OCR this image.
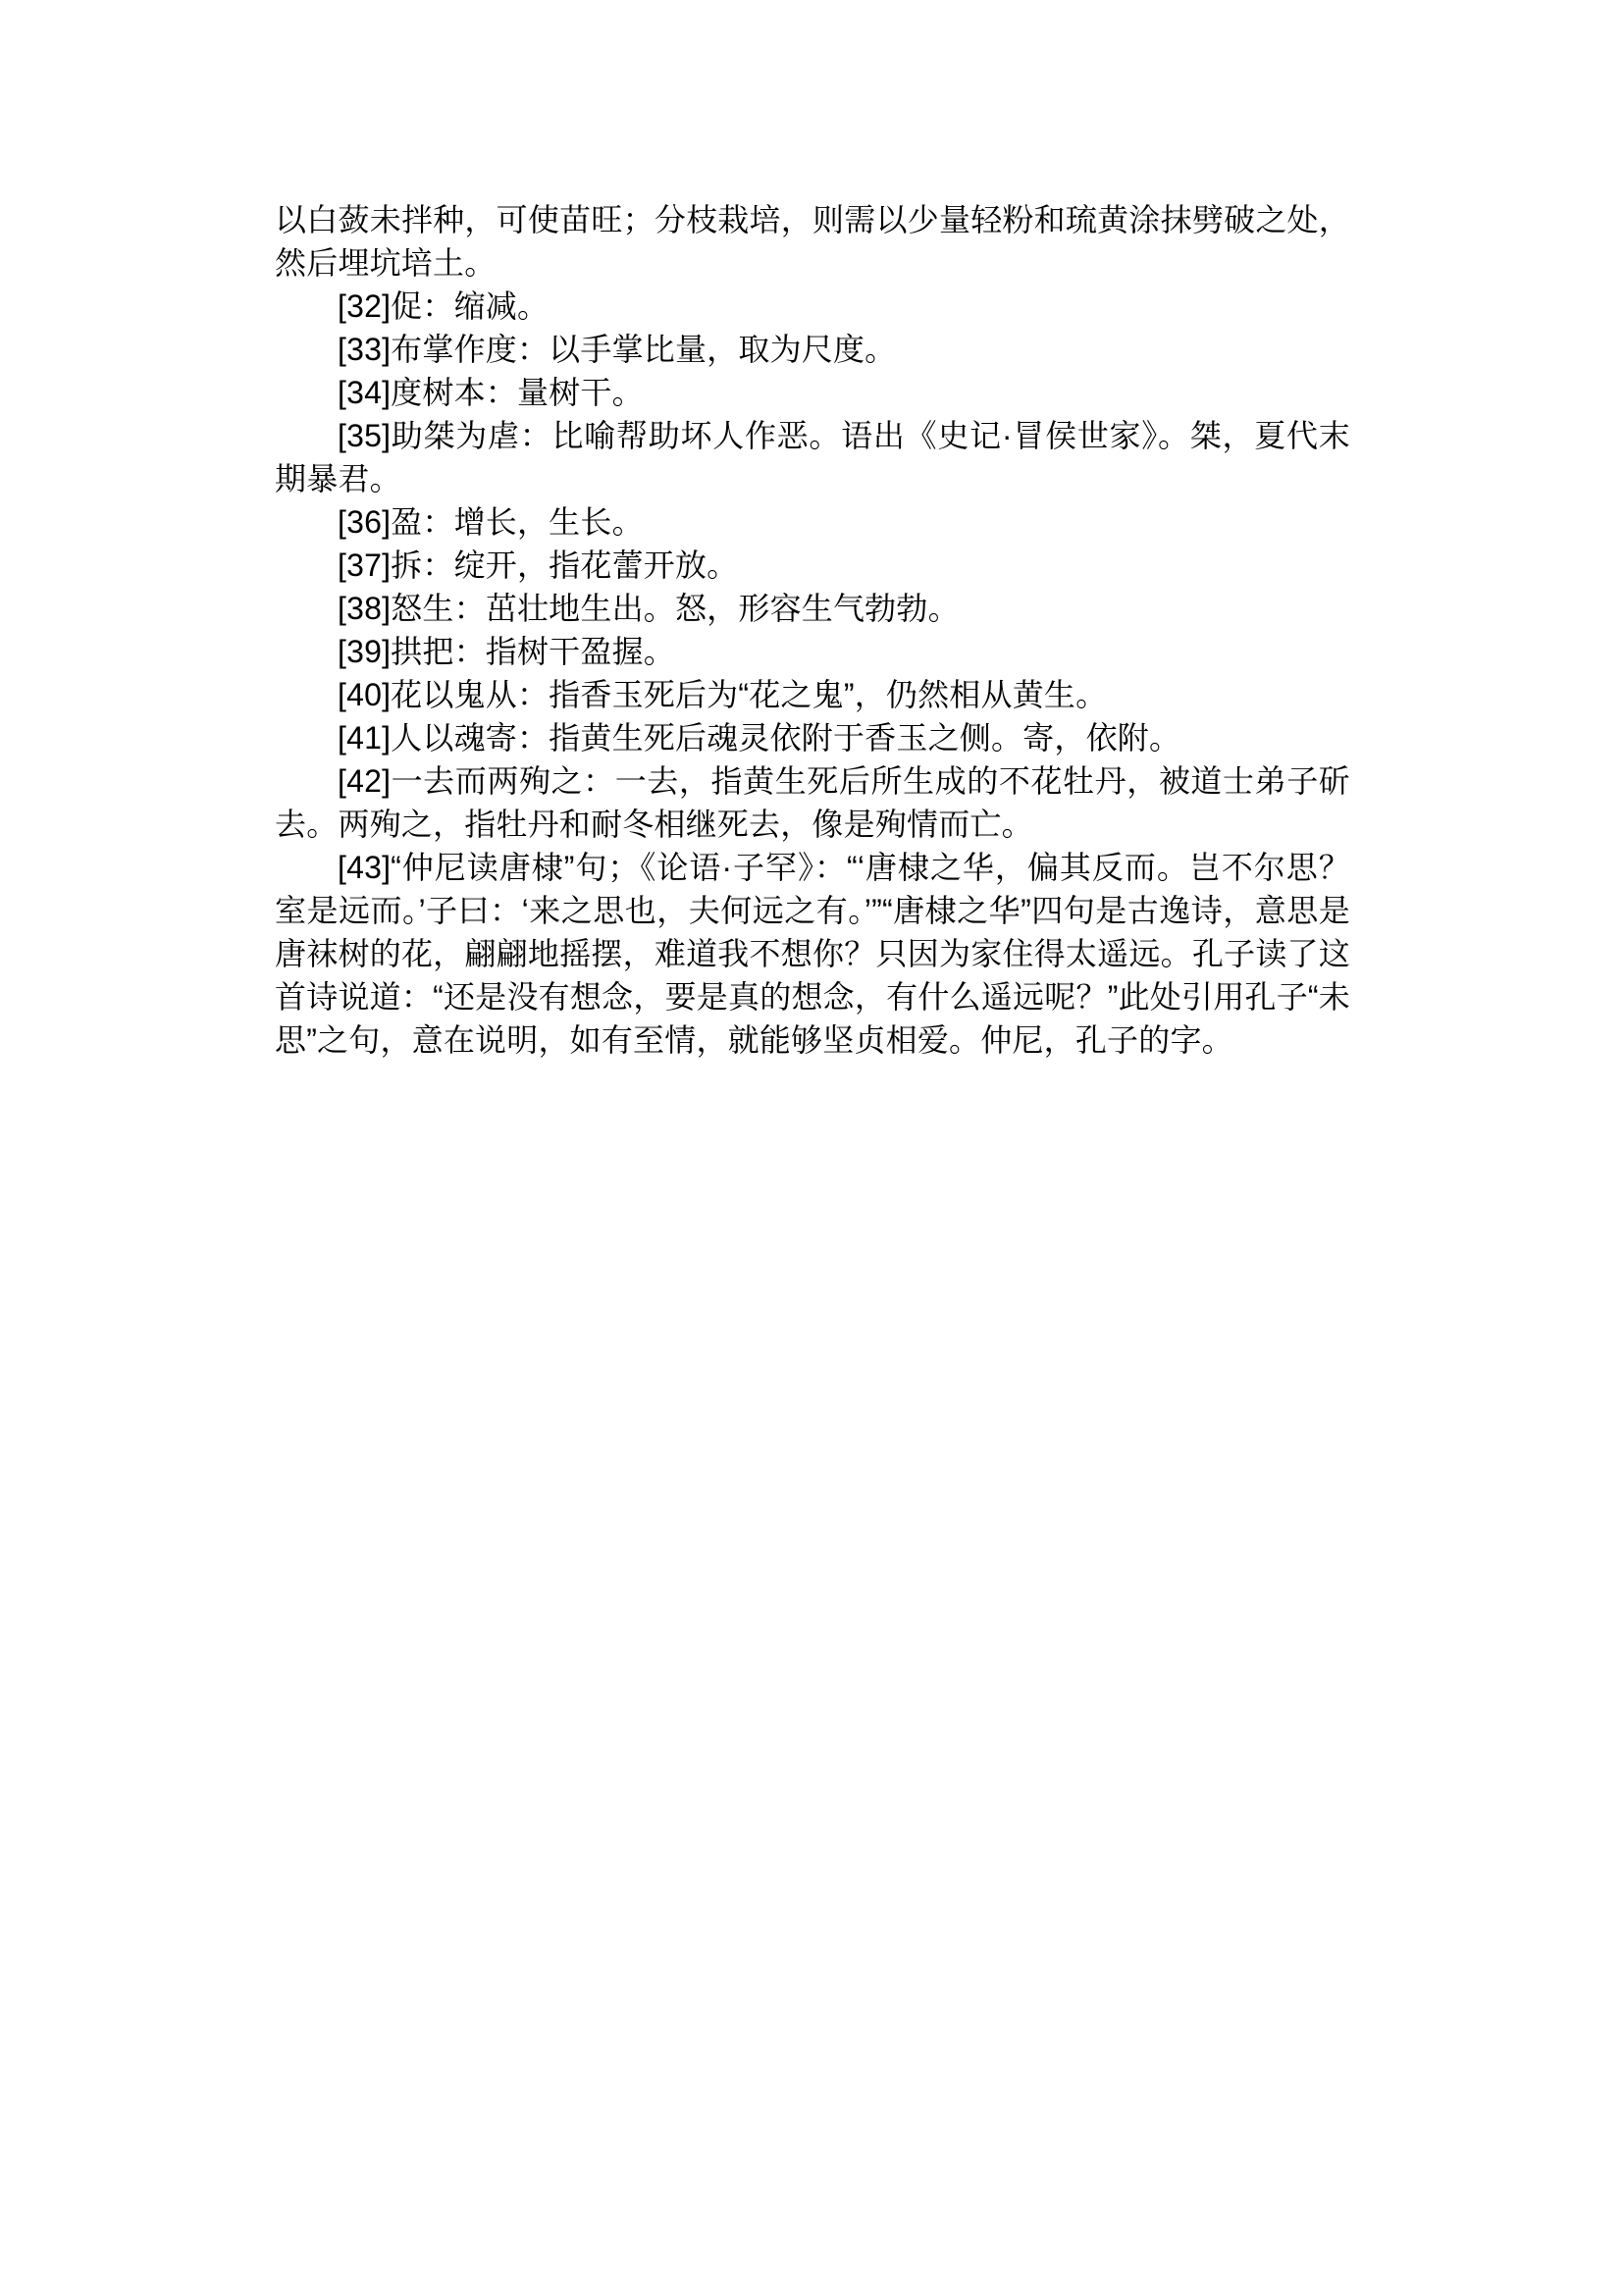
以白蔹未拌种，可使苗旺；分枝栽培，则需以少量轻粉和琉黄涂抹劈破之处，然后埋坑培土。

[32]促：缩减。

[33]布掌作度：以手掌比量，取为尺度。

[34]度树本：量树干。

[35]助桀为虐：比喻帮助坏人作恶。语出《史记·冒侯世家》。桀，夏代末期暴君。

[36]盈：增长，生长。

[37]拆：绽开，指花蕾开放。

[38]怒生：茁壮地生出。怒，形容生气勃勃。

[39]拱把：指树干盈握。

[40]花以鬼从：指香玉死后为“花之鬼”，仍然相从黄生。

[41]人以魂寄：指黄生死后魂灵依附于香玉之侧。寄，依附。

[42]一去而两殉之：一去，指黄生死后所生成的不花牡丹，被道士弟子斫去。两殉之，指牡丹和耐冬相继死去，像是殉情而亡。

[43]“仲尼读唐棣”句；《论语·子罕》：“‘唐棣之华，偏其反而。岂不尔思？室是远而。’子曰：‘来之思也，夫何远之有。’”“唐棣之华”四句是古逸诗，意思是唐袜树的花，翩翩地摇摆，难道我不想你？只因为家住得太遥远。孔子读了这首诗说道：“还是没有想念，要是真的想念，有什么遥远呢？”此处引用孔子“未思”之句，意在说明，如有至情，就能够坚贞相爱。仲尼，孔子的字。
